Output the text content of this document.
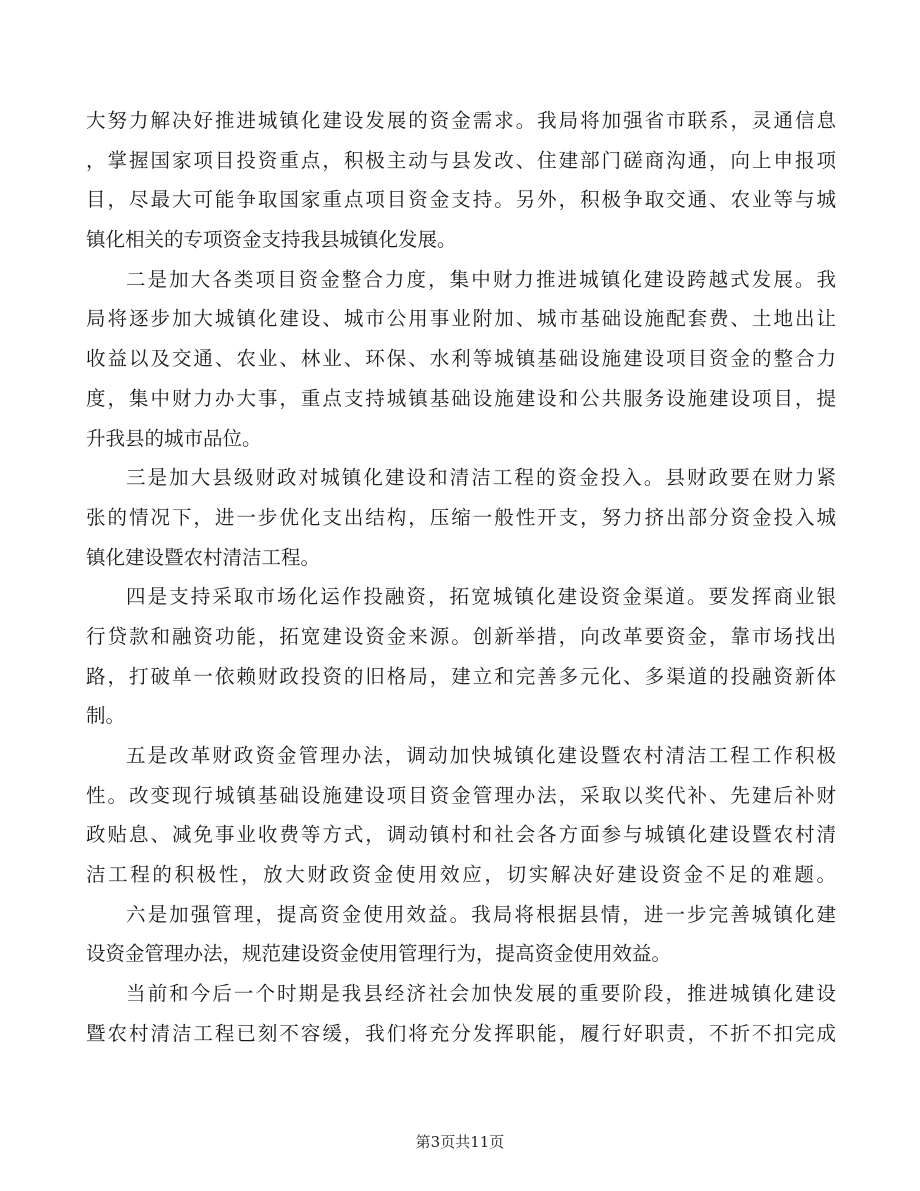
大努力解决好推进城镇化建设发展的资金需求。我局将加强省市联系，灵通信息
，掌握国家项目投资重点，积极主动与县发改、住建部门磋商沟通，向上申报项
目，尽最大可能争取国家重点项目资金支持。另外，积极争取交通、农业等与城
镇化相关的专项资金支持我县城镇化发展。
二是加大各类项目资金整合力度，集中财力推进城镇化建设跨越式发展。我
局将逐步加大城镇化建设、城市公用事业附加、城市基础设施配套费、土地出让
收益以及交通、农业、林业、环保、水利等城镇基础设施建设项目资金的整合力
度，集中财力办大事，重点支持城镇基础设施建设和公共服务设施建设项目，提
升我县的城市品位。
三是加大县级财政对城镇化建设和清洁工程的资金投入。县财政要在财力紧
张的情况下，进一步优化支出结构，压缩一般性开支，努力挤出部分资金投入城
镇化建设暨农村清洁工程。
四是支持采取市场化运作投融资，拓宽城镇化建设资金渠道。要发挥商业银
行贷款和融资功能，拓宽建设资金来源。创新举措，向改革要资金，靠市场找出
路，打破单一依赖财政投资的旧格局，建立和完善多元化、多渠道的投融资新体
制。
五是改革财政资金管理办法，调动加快城镇化建设暨农村清洁工程工作积极
性。改变现行城镇基础设施建设项目资金管理办法，采取以奖代补、先建后补财
政贴息、减免事业收费等方式，调动镇村和社会各方面参与城镇化建设暨农村清
洁工程的积极性，放大财政资金使用效应，切实解决好建设资金不足的难题。
六是加强管理，提高资金使用效益。我局将根据县情，进一步完善城镇化建
设资金管理办法，规范建设资金使用管理行为，提高资金使用效益。
当前和今后一个时期是我县经济社会加快发展的重要阶段，推进城镇化建设
暨农村清洁工程已刻不容缓，我们将充分发挥职能，履行好职责，不折不扣完成
第3页共11页
